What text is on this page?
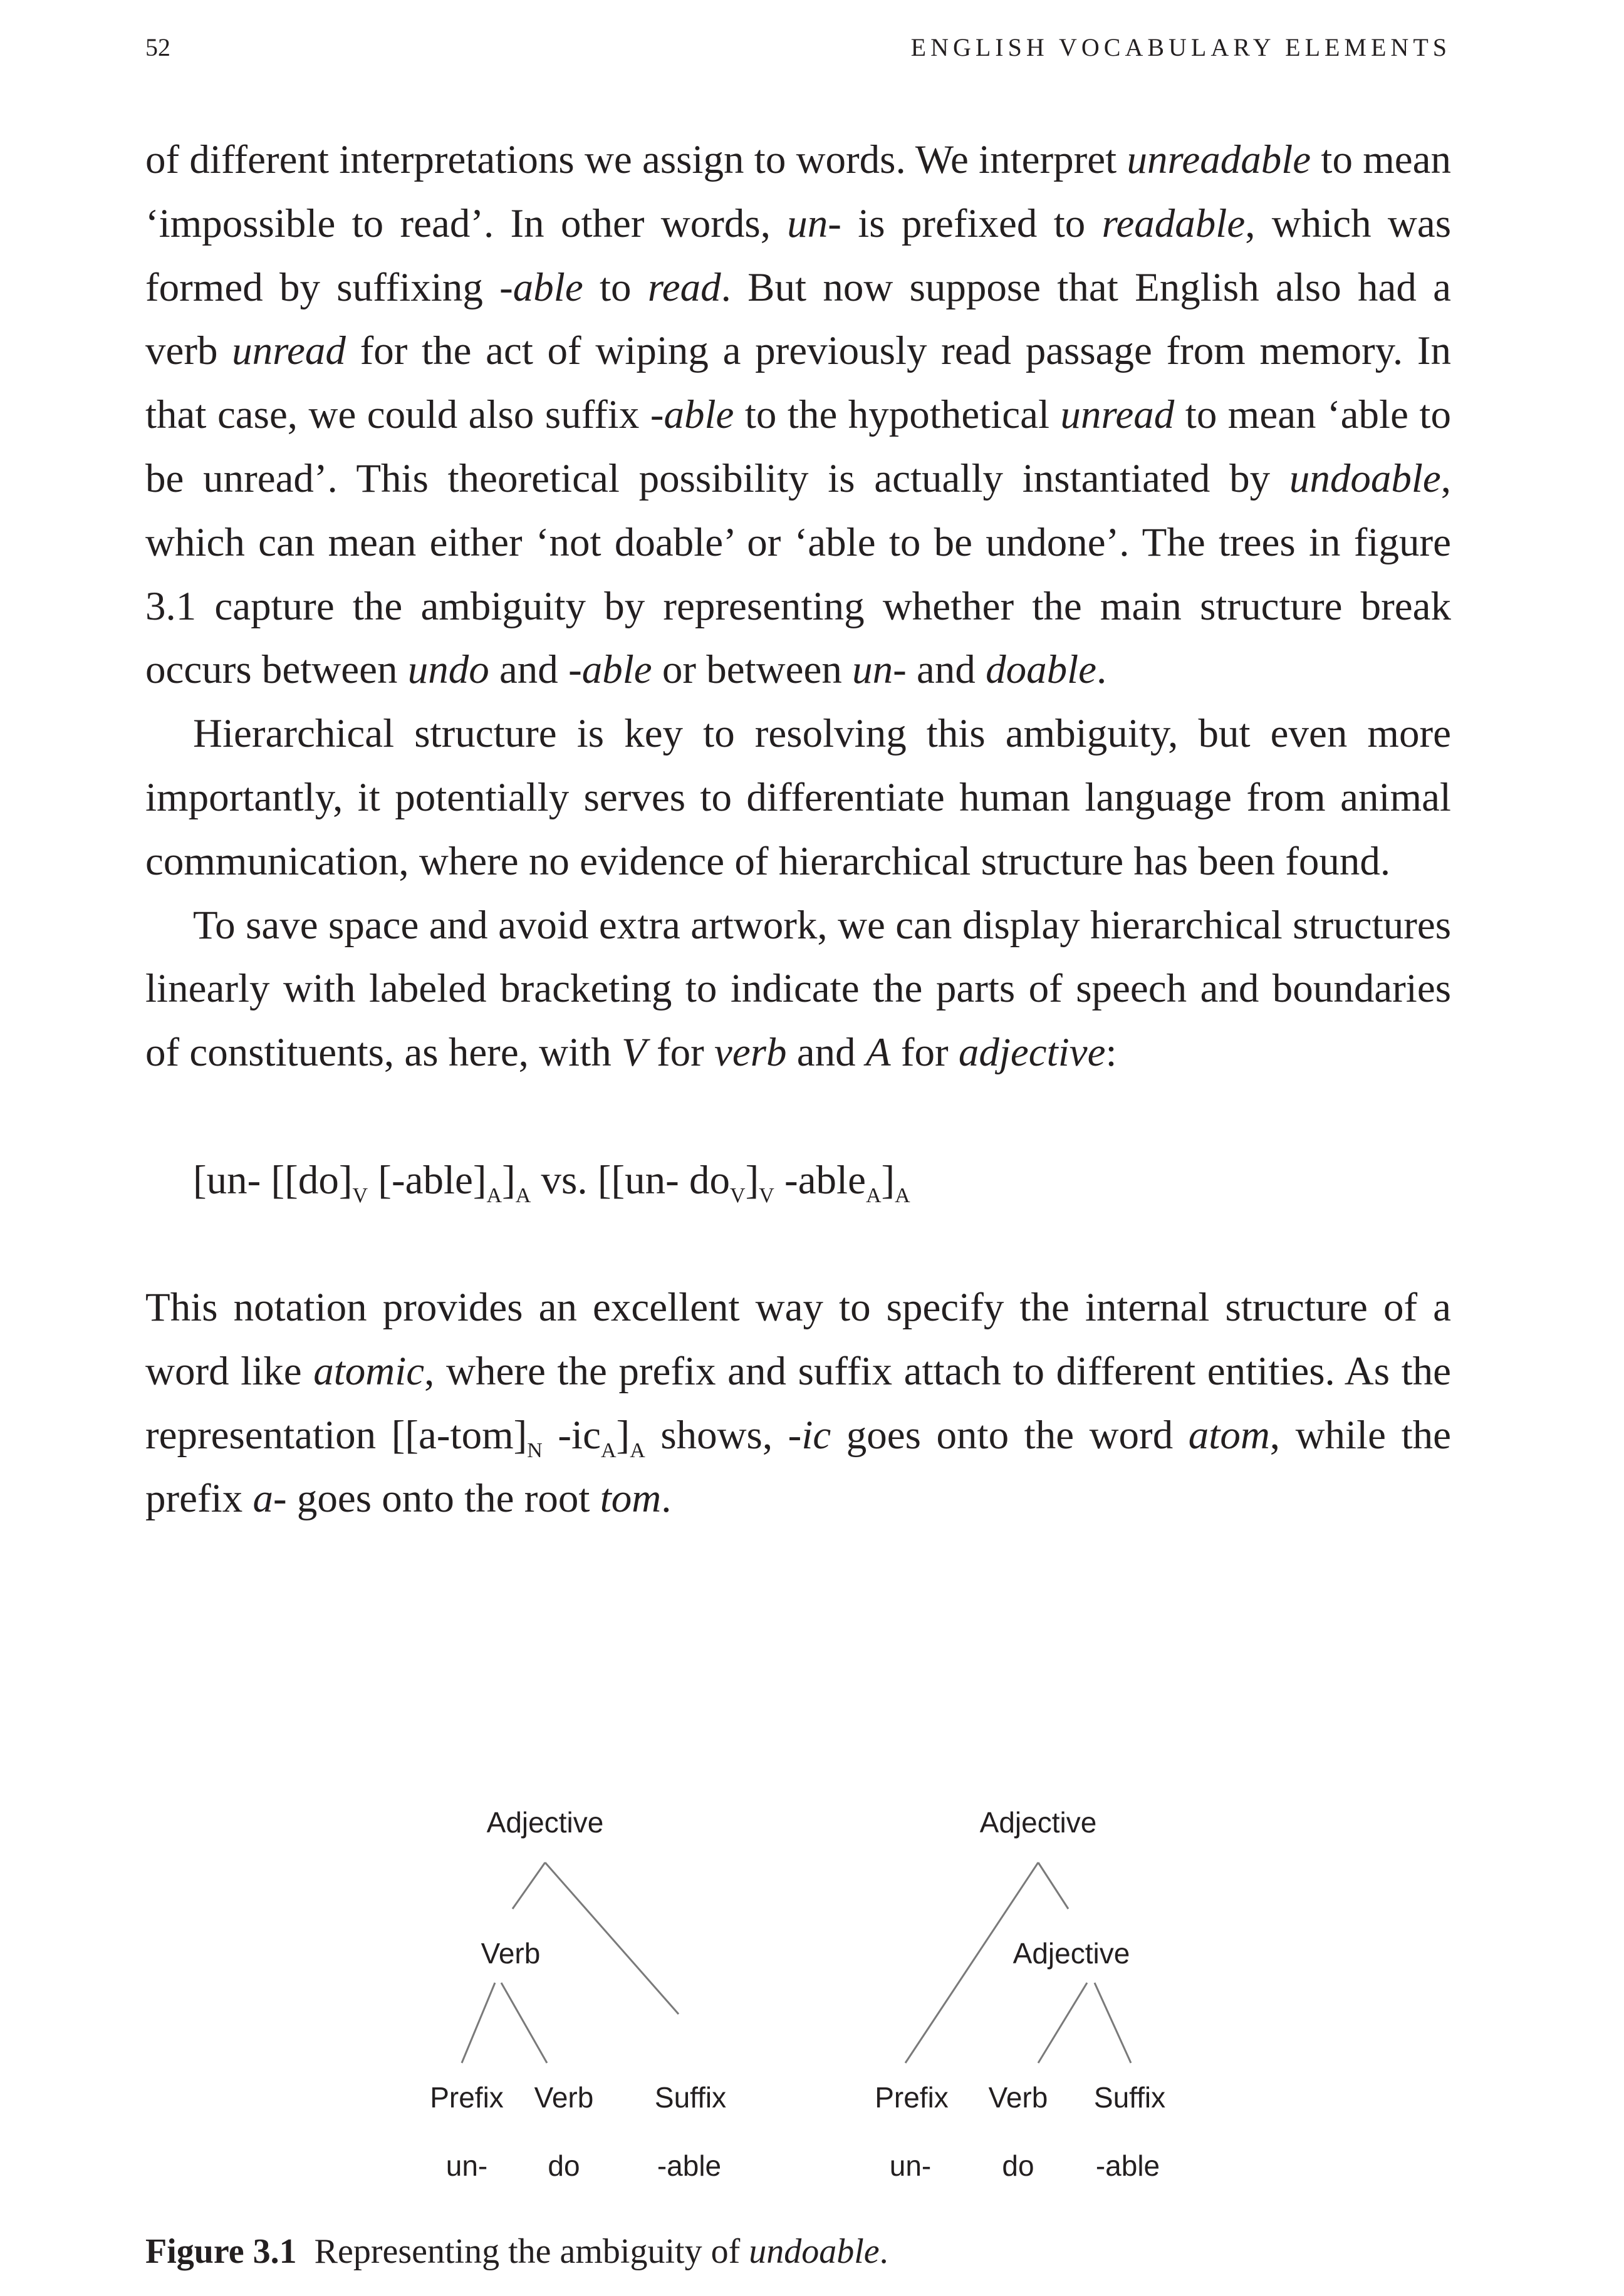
52	ENGLISH VOCABULARY ELEMENTS

of different interpretations we assign to words. We interpret unreadable to mean ‘impossible to read’. In other words, un- is prefixed to readable, which was formed by suffixing -able to read. But now suppose that English also had a verb unread for the act of wiping a previously read passage from memory. In that case, we could also suffix -able to the hypothetical unread to mean ‘able to be unread’. This theoretical possibility is actually instantiated by undoable, which can mean either ‘not doable’ or ‘able to be undone’. The trees in figure 3.1 capture the ambiguity by representing whether the main structure break occurs between undo and -able or between un- and doable.

Hierarchical structure is key to resolving this ambiguity, but even more importantly, it potentially serves to differentiate human language from animal communication, where no evidence of hierarchical structure has been found.

To save space and avoid extra artwork, we can display hierarchical structures linearly with labeled bracketing to indicate the parts of speech and boundaries of constituents, as here, with V for verb and A for adjective:

[un- [$[do]_V$ $[-able]_A]_A$ vs. [[un- $do_V]_V$ $-able_A]_A$

This notation provides an excellent way to specify the internal structure of a word like atomic, where the prefix and suffix attach to different entities. As the representation [$[a-tom]_N$ $-ic_A]_A$ shows, -ic goes onto the word atom, while the prefix a- goes onto the root tom.

Adjective
Verb
Prefix Verb Suffix
un- do	-able
Adjective
Adjective
Prefix Verb Suffix
un- do -able
Figure 3.1 Representing the ambiguity of undoable.
